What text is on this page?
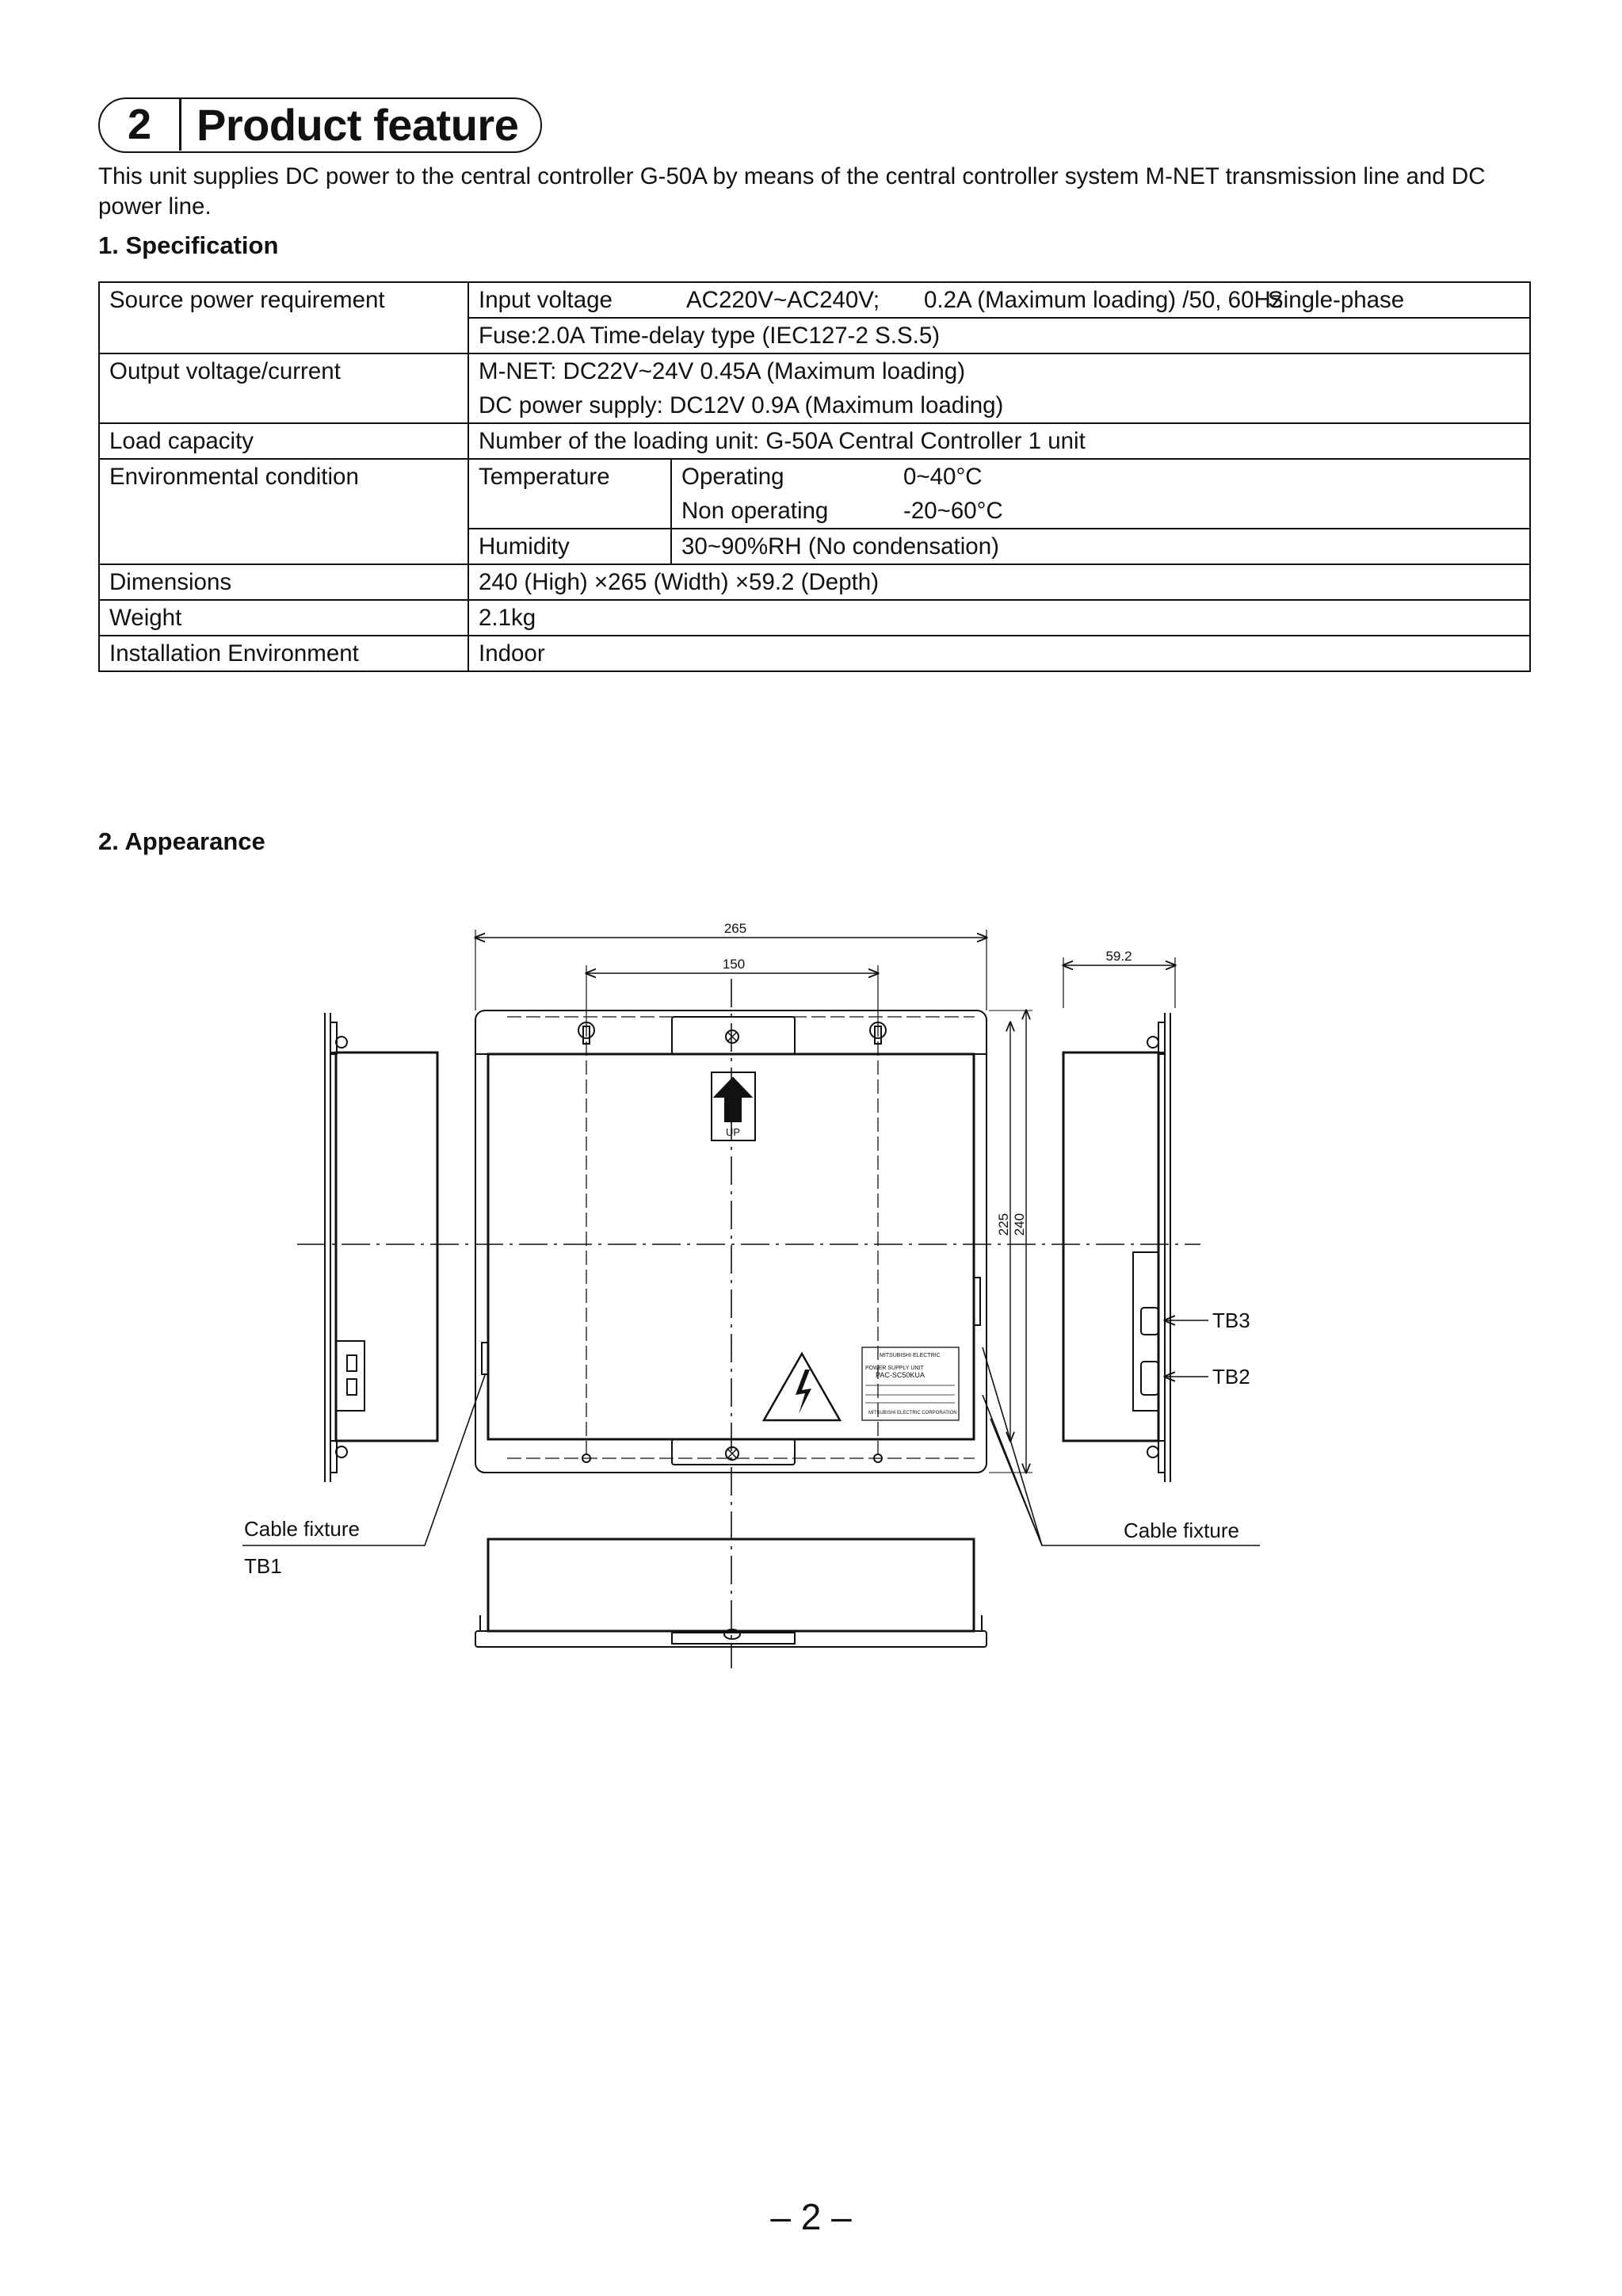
2	Product feature
This unit supplies DC power to the central controller G-50A by means of the central controller system M-NET transmission line and DC power line.
1. Specification
Source power requirement	Input voltage AC220V~AC240V; 0.2A (Maximum loading) /50, 60HzSingle-phase	
	Fuse:2.0A Time-delay type (IEC127-2 S.S.5)	
Output voltage/current	M-NET: DC22V~24V 0.45A (Maximum loading)	
	DC power supply: DC12V 0.9A (Maximum loading)	
Load capacity	Number of the loading unit: G-50A Central Controller 1 unit	
Environmental condition	Temperature	Operating 0~40°C
		Non operating -20~60°C
	Humidity	30~90%RH (No condensation)
Dimensions	240 (High) ×265 (Width) ×59.2 (Depth)	
Weight	2.1kg	
Installation Environment	Indoor	
2. Appearance
265
150
59.2
225 240
UP
MITSUBISHI ELECTRIC
POWER SUPPLY UNIT
PAC-SC50KUA
MITSUBISHI ELECTRIC CORPORATION
TB3
TB2
Cable fixture
TB1
Cable fixture
– 2 –
